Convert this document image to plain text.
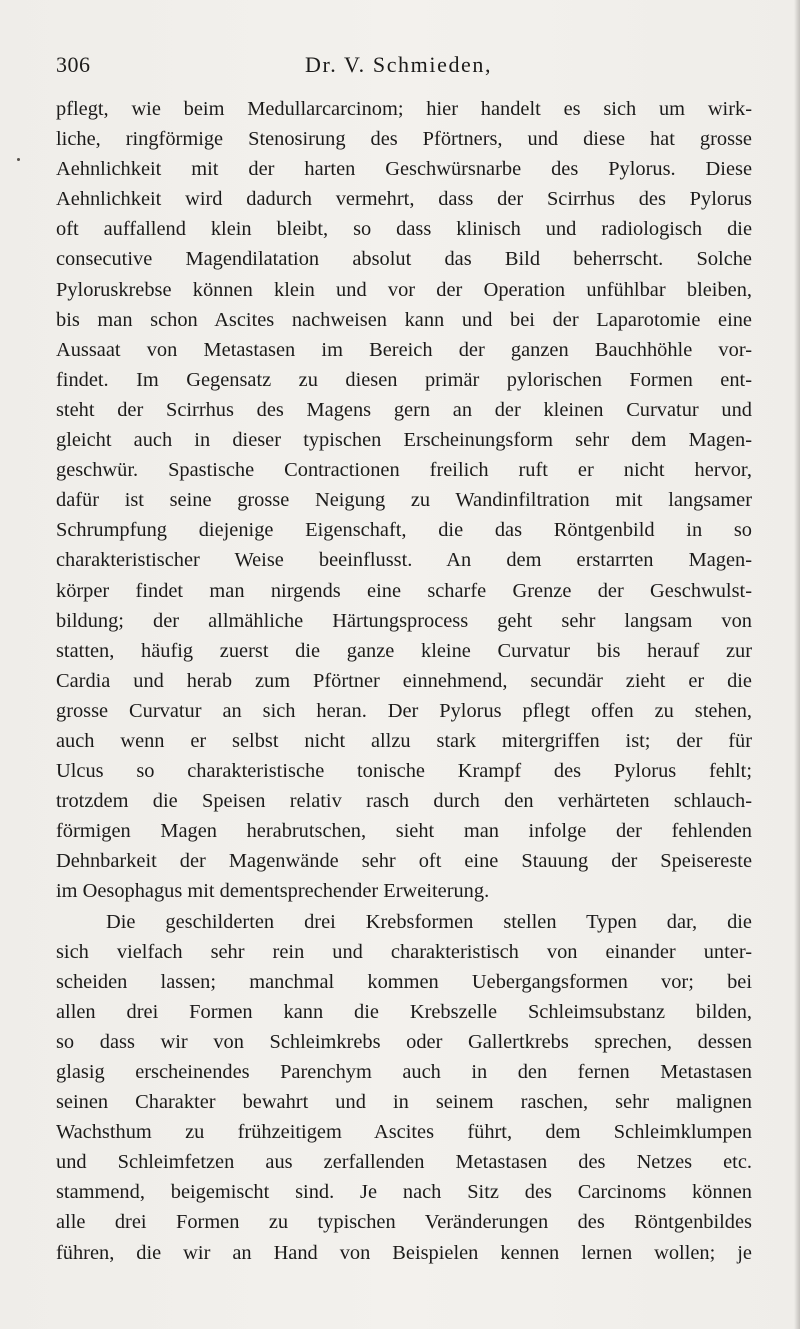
306	Dr. V. Schmieden,
pflegt, wie beim Medullarcarcinom; hier handelt es sich um wirk-
liche, ringförmige Stenosirung des Pförtners, und diese hat grosse
Aehnlichkeit mit der harten Geschwürsnarbe des Pylorus. Diese
Aehnlichkeit wird dadurch vermehrt, dass der Scirrhus des Pylorus
oft auffallend klein bleibt, so dass klinisch und radiologisch die
consecutive Magendilatation absolut das Bild beherrscht. Solche
Pyloruskrebse können klein und vor der Operation unfühlbar bleiben,
bis man schon Ascites nachweisen kann und bei der Laparotomie eine
Aussaat von Metastasen im Bereich der ganzen Bauchhöhle vor-
findet. Im Gegensatz zu diesen primär pylorischen Formen ent-
steht der Scirrhus des Magens gern an der kleinen Curvatur und
gleicht auch in dieser typischen Erscheinungsform sehr dem Magen-
geschwür. Spastische Contractionen freilich ruft er nicht hervor,
dafür ist seine grosse Neigung zu Wandinfiltration mit langsamer
Schrumpfung diejenige Eigenschaft, die das Röntgenbild in so
charakteristischer Weise beeinflusst. An dem erstarrten Magen-
körper findet man nirgends eine scharfe Grenze der Geschwulst-
bildung; der allmähliche Härtungsprocess geht sehr langsam von
statten, häufig zuerst die ganze kleine Curvatur bis herauf zur
Cardia und herab zum Pförtner einnehmend, secundär zieht er die
grosse Curvatur an sich heran. Der Pylorus pflegt offen zu stehen,
auch wenn er selbst nicht allzu stark mitergriffen ist; der für
Ulcus so charakteristische tonische Krampf des Pylorus fehlt;
trotzdem die Speisen relativ rasch durch den verhärteten schlauch-
förmigen Magen herabrutschen, sieht man infolge der fehlenden
Dehnbarkeit der Magenwände sehr oft eine Stauung der Speisereste
im Oesophagus mit dementsprechender Erweiterung.
Die geschilderten drei Krebsformen stellen Typen dar, die
sich vielfach sehr rein und charakteristisch von einander unter-
scheiden lassen; manchmal kommen Uebergangsformen vor; bei
allen drei Formen kann die Krebszelle Schleimsubstanz bilden,
so dass wir von Schleimkrebs oder Gallertkrebs sprechen, dessen
glasig erscheinendes Parenchym auch in den fernen Metastasen
seinen Charakter bewahrt und in seinem raschen, sehr malignen
Wachsthum zu frühzeitigem Ascites führt, dem Schleimklumpen
und Schleimfetzen aus zerfallenden Metastasen des Netzes etc.
stammend, beigemischt sind. Je nach Sitz des Carcinoms können
alle drei Formen zu typischen Veränderungen des Röntgenbildes
führen, die wir an Hand von Beispielen kennen lernen wollen; je
